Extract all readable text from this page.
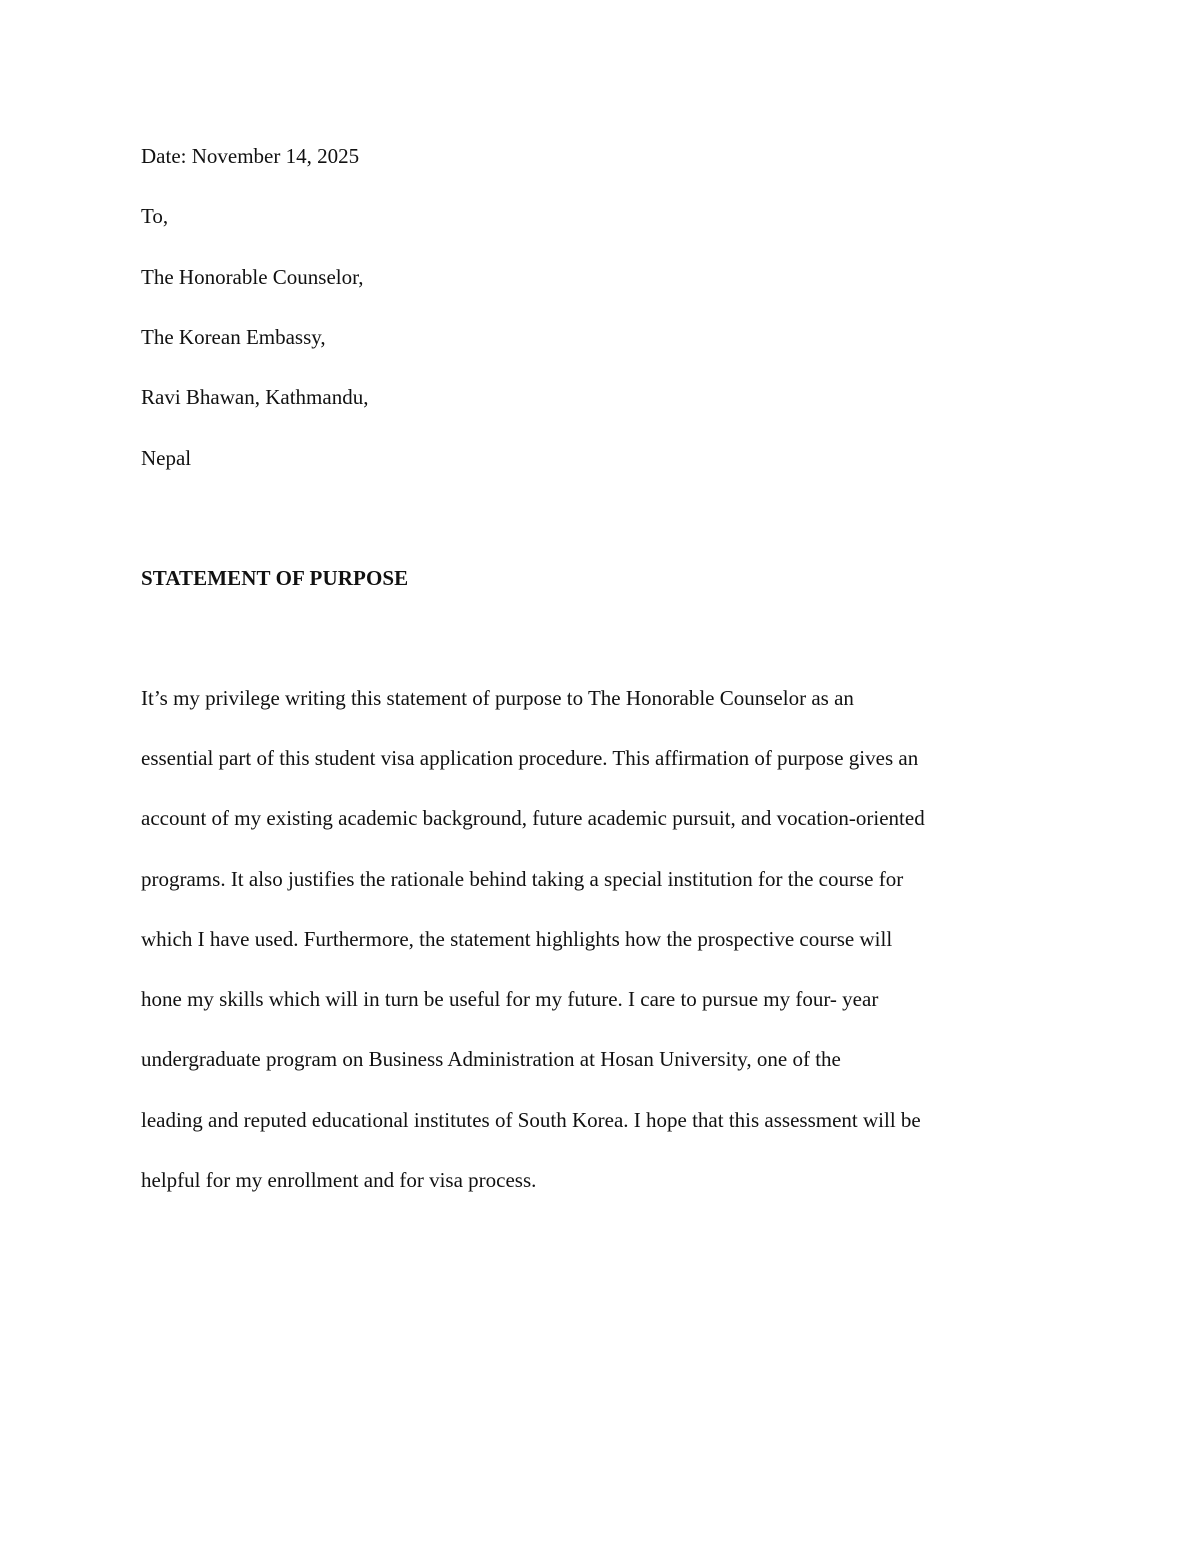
Date: November 14, 2025
To,
The Honorable Counselor,
The Korean Embassy,
Ravi Bhawan, Kathmandu,
Nepal
STATEMENT OF PURPOSE
It’s my privilege writing this statement of purpose to The Honorable Counselor as an
essential part of this student visa application procedure. This affirmation of purpose gives an
account of my existing academic background, future academic pursuit, and vocation-oriented
programs. It also justifies the rationale behind taking a special institution for the course for
which I have used. Furthermore, the statement highlights how the prospective course will
hone my skills which will in turn be useful for my future. I care to pursue my four- year
undergraduate program on Business Administration at Hosan University, one of the
leading and reputed educational institutes of South Korea. I hope that this assessment will be
helpful for my enrollment and for visa process.
